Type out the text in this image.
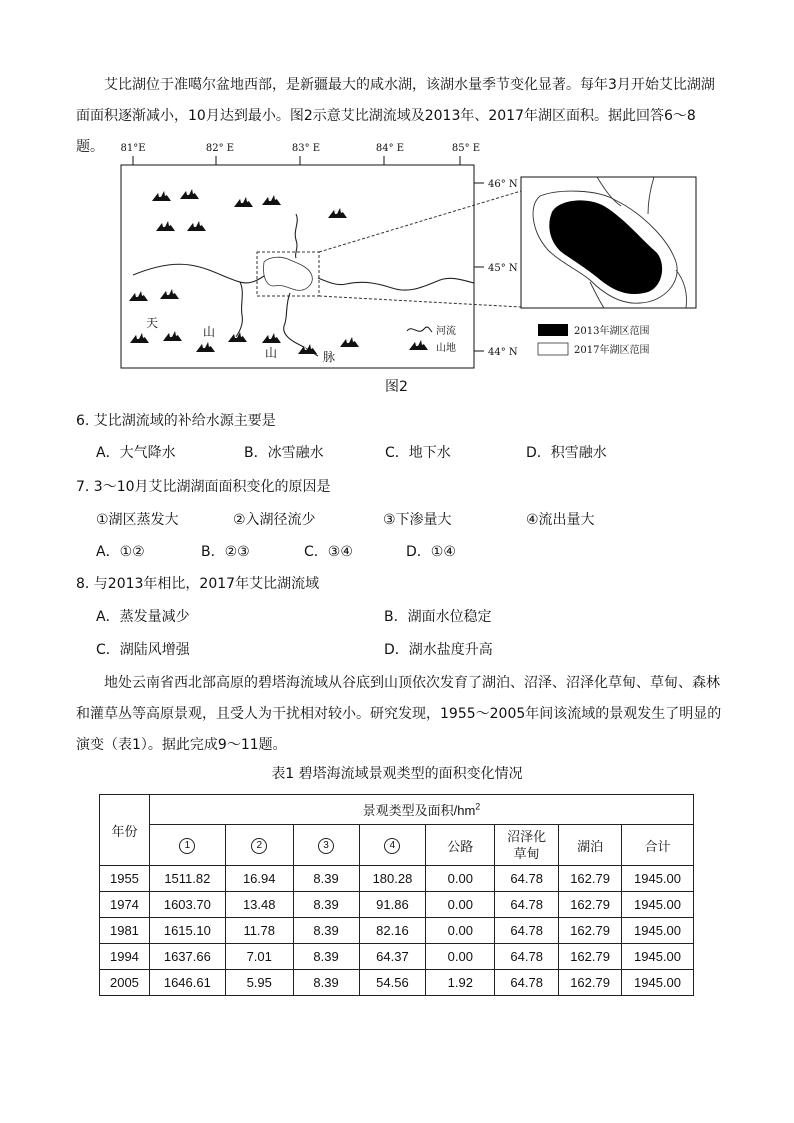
艾比湖位于准噶尔盆地西部，是新疆最大的咸水湖，该湖水量季节变化显著。每年3月开始艾比湖湖面面积逐渐减小，10月达到最小。图2示意艾比湖流域及2013年、2017年湖区面积。据此回答6～8题。	81°E	82° E	83° E	84° E	85° E
46° N
45° N
44° N
天
山
山	脉
河流
山地
2013年湖区范围
2017年湖区范围
图2
6. 艾比湖流域的补给水源主要是
A．大气降水	B．冰雪融水	C．地下水	D．积雪融水
7. 3～10月艾比湖湖面面积变化的原因是
①湖区蒸发大	②入湖径流少	③下渗量大	④流出量大
A．①②	B．②③	C．③④	D．①④
8. 与2013年相比，2017年艾比湖流域
A．蒸发量减少	B．湖面水位稳定
C．湖陆风增强	D．湖水盐度升高
地处云南省西北部高原的碧塔海流域从谷底到山顶依次发育了湖泊、沼泽、沼泽化草甸、草甸、森林和灌草丛等高原景观，且受人为干扰相对较小。研究发现，1955～2005年间该流域的景观发生了明显的演变（表1）。据此完成9～11题。
表1 碧塔海流域景观类型的面积变化情况
年份	景观类型及面积$/hm^2$
	1	2	3	4	公路	沼泽化草甸	湖泊	合计
1955	1511.82	16.94	8.39	180.28	0.00	64.78	162.79	1945.00
1974	1603.70	13.48	8.39	91.86	0.00	64.78	162.79	1945.00
1981	1615.10	11.78	8.39	82.16	0.00	64.78	162.79	1945.00
1994	1637.66	7.01	8.39	64.37	0.00	64.78	162.79	1945.00
2005	1646.61	5.95	8.39	54.56	1.92	64.78	162.79	1945.00
